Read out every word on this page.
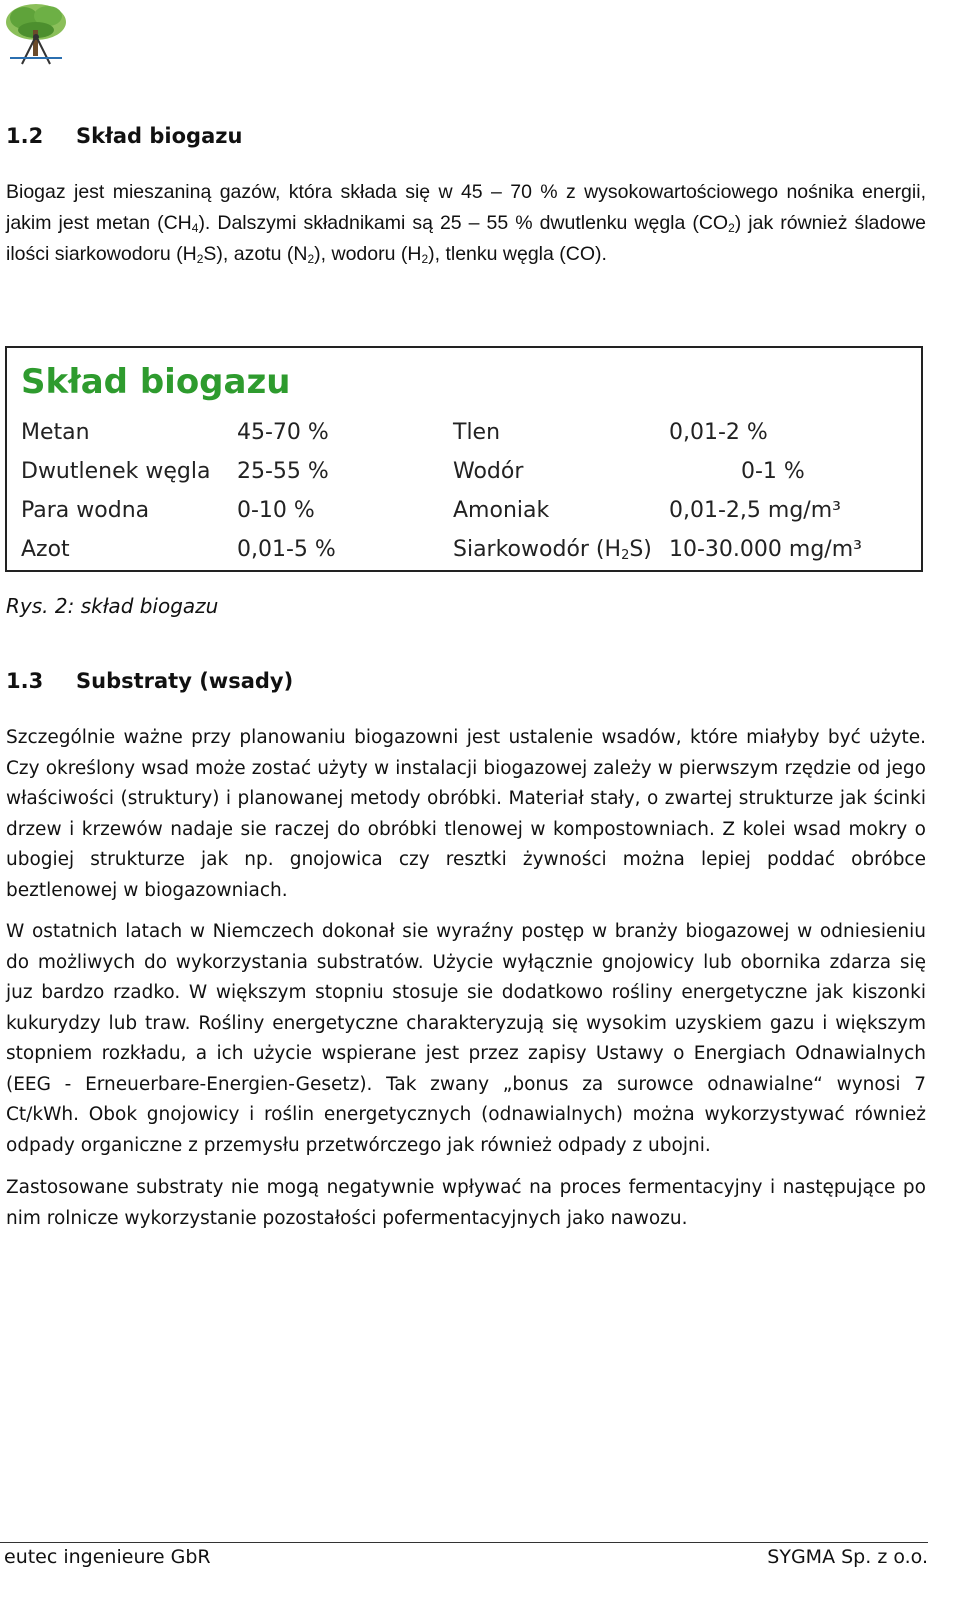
1.2 Skład biogazu
Biogaz jest mieszaniną gazów, która składa się w 45 – 70 % z wysokowartościowego nośnika energii, jakim jest metan $(CH_4)$. Dalszymi składnikami są 25 – 55 % dwutlenku węgla $(CO_2)$ jak również śladowe ilości siarkowodoru $(H_2S)$, azotu $(N_2)$, wodoru $(H_2)$, tlenku węgla (CO).
Skład biogazu
Metan	45-70 %	Tlen	0,01-2 %
Dwutlenek węgla 25-55 %	Wodór	0-1 %
Para wodna	0-10 %	Amoniak	0,01-2,5 mg/m³
Azot	0,01-5 %	Siarkowodór $(H_2S)$ 10-30.000 mg/m³
Rys. 2: skład biogazu
1.3 Substraty (wsady)
Szczególnie ważne przy planowaniu biogazowni jest ustalenie wsadów, które miałyby być użyte. Czy określony wsad może zostać użyty w instalacji biogazowej zależy w pierwszym rzędzie od jego właściwości (struktury) i planowanej metody obróbki. Materiał stały, o zwartej strukturze jak ścinki drzew i krzewów nadaje sie raczej do obróbki tlenowej w kompostowniach. Z kolei wsad mokry o ubogiej strukturze jak np. gnojowica czy resztki żywności można lepiej poddać obróbce beztlenowej w biogazowniach.
W ostatnich latach w Niemczech dokonał sie wyraźny postęp w branży biogazowej w odniesieniu do możliwych do wykorzystania substratów. Użycie wyłącznie gnojowicy lub obornika zdarza się juz bardzo rzadko. W większym stopniu stosuje sie dodatkowo rośliny energetyczne jak kiszonki kukurydzy lub traw. Rośliny energetyczne charakteryzują się wysokim uzyskiem gazu i większym stopniem rozkładu, a ich użycie wspierane jest przez zapisy Ustawy o Energiach Odnawialnych (EEG - Erneuerbare-Energien-Gesetz). Tak zwany „bonus za surowce odnawialne“ wynosi 7 Ct/kWh. Obok gnojowicy i roślin energetycznych (odnawialnych) można wykorzystywać również odpady organiczne z przemysłu przetwórczego jak również odpady z ubojni.
Zastosowane substraty nie mogą negatywnie wpływać na proces fermentacyjny i następujące po nim rolnicze wykorzystanie pozostałości pofermentacyjnych jako nawozu.
eutec ingenieure GbR	SYGMA Sp. z o.o.
